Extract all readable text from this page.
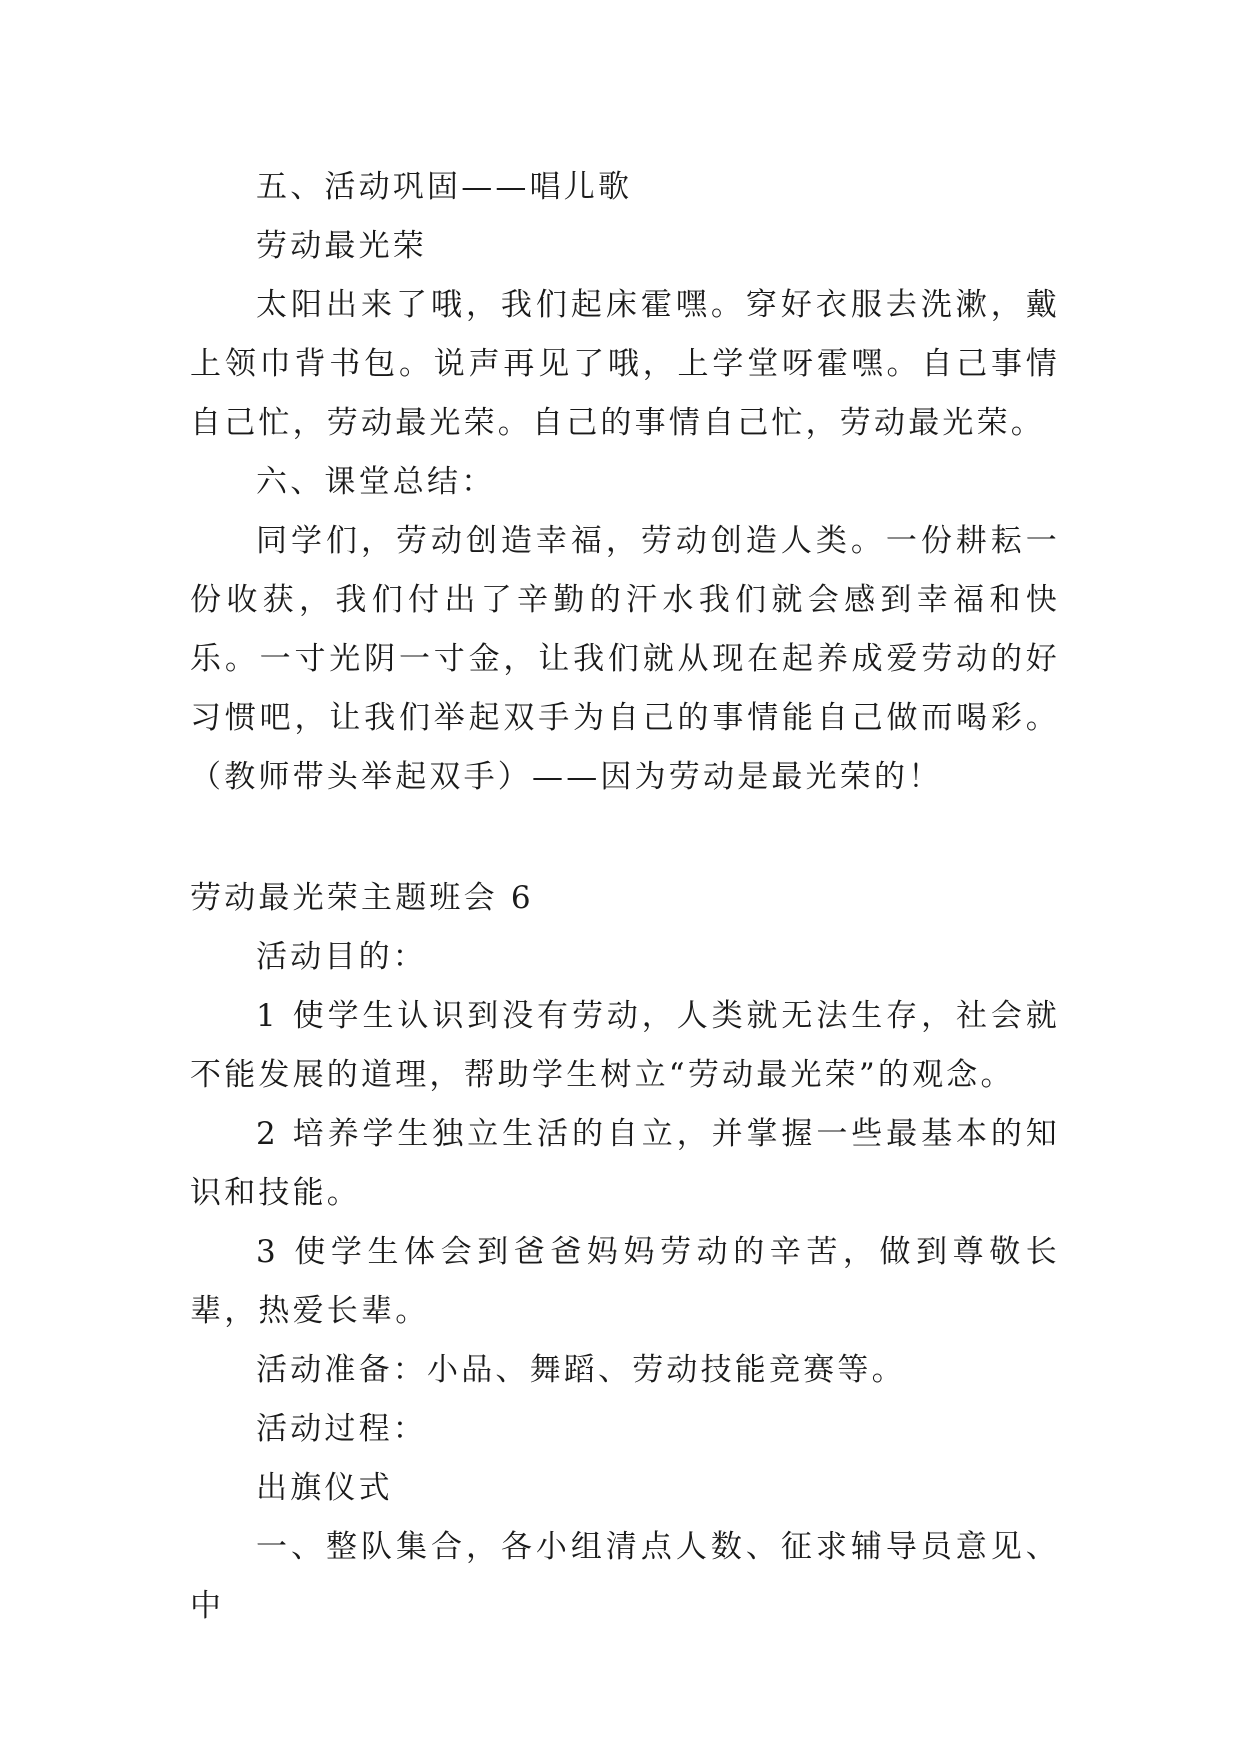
五、活动巩固——唱儿歌

劳动最光荣

太阳出来了哦，我们起床霍嘿。穿好衣服去洗漱，戴上领巾背书包。说声再见了哦，上学堂呀霍嘿。自己事情自己忙，劳动最光荣。自己的事情自己忙，劳动最光荣。

六、课堂总结：

同学们，劳动创造幸福，劳动创造人类。一份耕耘一份收获，我们付出了辛勤的汗水我们就会感到幸福和快乐。一寸光阴一寸金，让我们就从现在起养成爱劳动的好习惯吧，让我们举起双手为自己的事情能自己做而喝彩。（教师带头举起双手）——因为劳动是最光荣的！

劳动最光荣主题班会 6

活动目的：

1 使学生认识到没有劳动，人类就无法生存，社会就不能发展的道理，帮助学生树立“劳动最光荣”的观念。

2 培养学生独立生活的自立，并掌握一些最基本的知识和技能。

3 使学生体会到爸爸妈妈劳动的辛苦，做到尊敬长辈，热爱长辈。

活动准备：小品、舞蹈、劳动技能竞赛等。

活动过程：

出旗仪式

一、整队集合，各小组清点人数、征求辅导员意见、中
